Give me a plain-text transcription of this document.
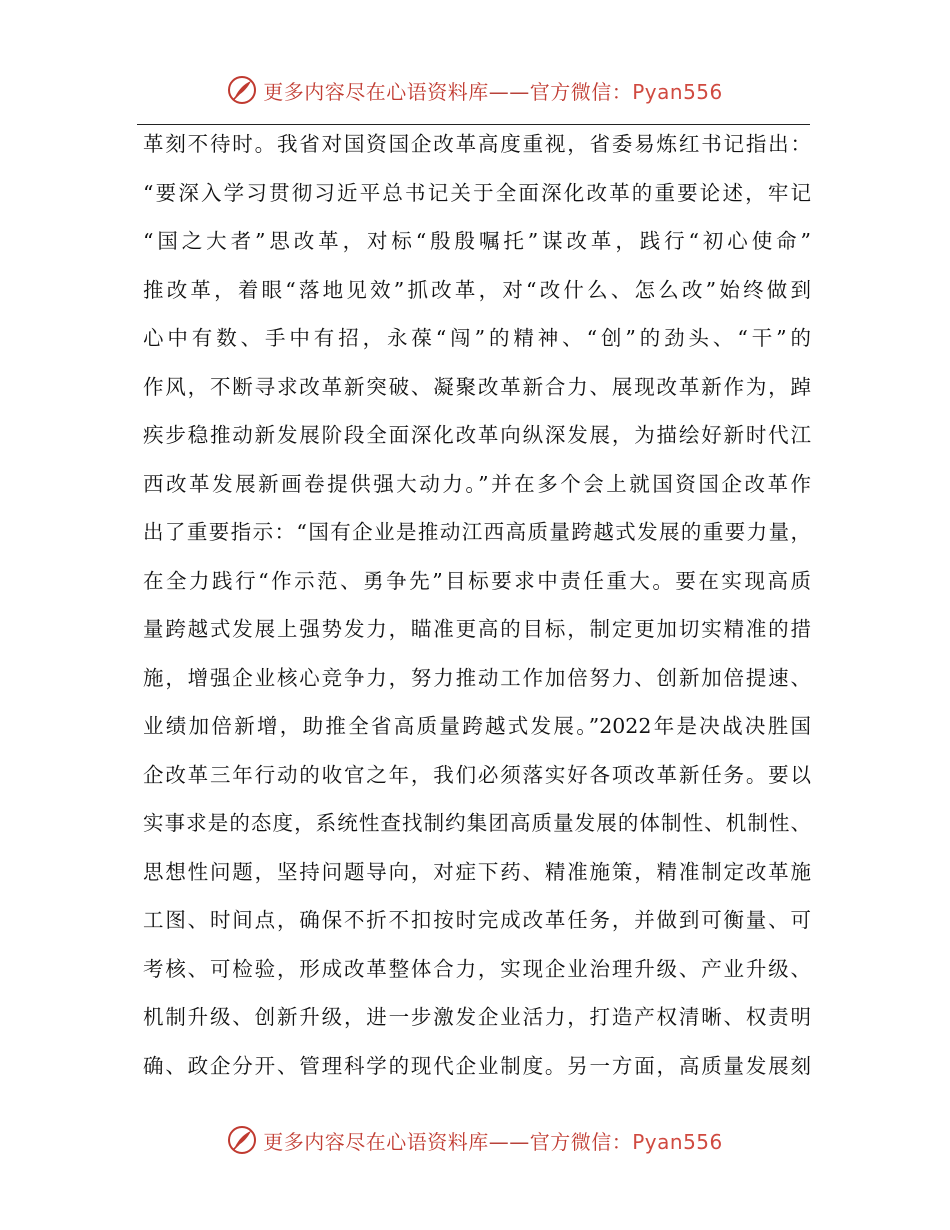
更多内容尽在心语资料库——官方微信：Pyan556
革刻不待时。我省对国资国企改革高度重视，省委易炼红书记指出：
“要深入学习贯彻习近平总书记关于全面深化改革的重要论述，牢记
“国之大者”思改革，对标“殷殷嘱托”谋改革，践行“初心使命”
推改革，着眼“落地见效”抓改革，对“改什么、怎么改”始终做到
心中有数、手中有招，永葆“闯”的精神、“创”的劲头、“干”的
作风，不断寻求改革新突破、凝聚改革新合力、展现改革新作为，踔
疾步稳推动新发展阶段全面深化改革向纵深发展，为描绘好新时代江
西改革发展新画卷提供强大动力。”并在多个会上就国资国企改革作
出了重要指示：“国有企业是推动江西高质量跨越式发展的重要力量，
在全力践行“作示范、勇争先”目标要求中责任重大。要在实现高质
量跨越式发展上强势发力，瞄准更高的目标，制定更加切实精准的措
施，增强企业核心竞争力，努力推动工作加倍努力、创新加倍提速、
业绩加倍新增，助推全省高质量跨越式发展。”2022年是决战决胜国
企改革三年行动的收官之年，我们必须落实好各项改革新任务。要以
实事求是的态度，系统性查找制约集团高质量发展的体制性、机制性、
思想性问题，坚持问题导向，对症下药、精准施策，精准制定改革施
工图、时间点，确保不折不扣按时完成改革任务，并做到可衡量、可
考核、可检验，形成改革整体合力，实现企业治理升级、产业升级、
机制升级、创新升级，进一步激发企业活力，打造产权清晰、权责明
确、政企分开、管理科学的现代企业制度。另一方面，高质量发展刻
更多内容尽在心语资料库——官方微信：Pyan556
